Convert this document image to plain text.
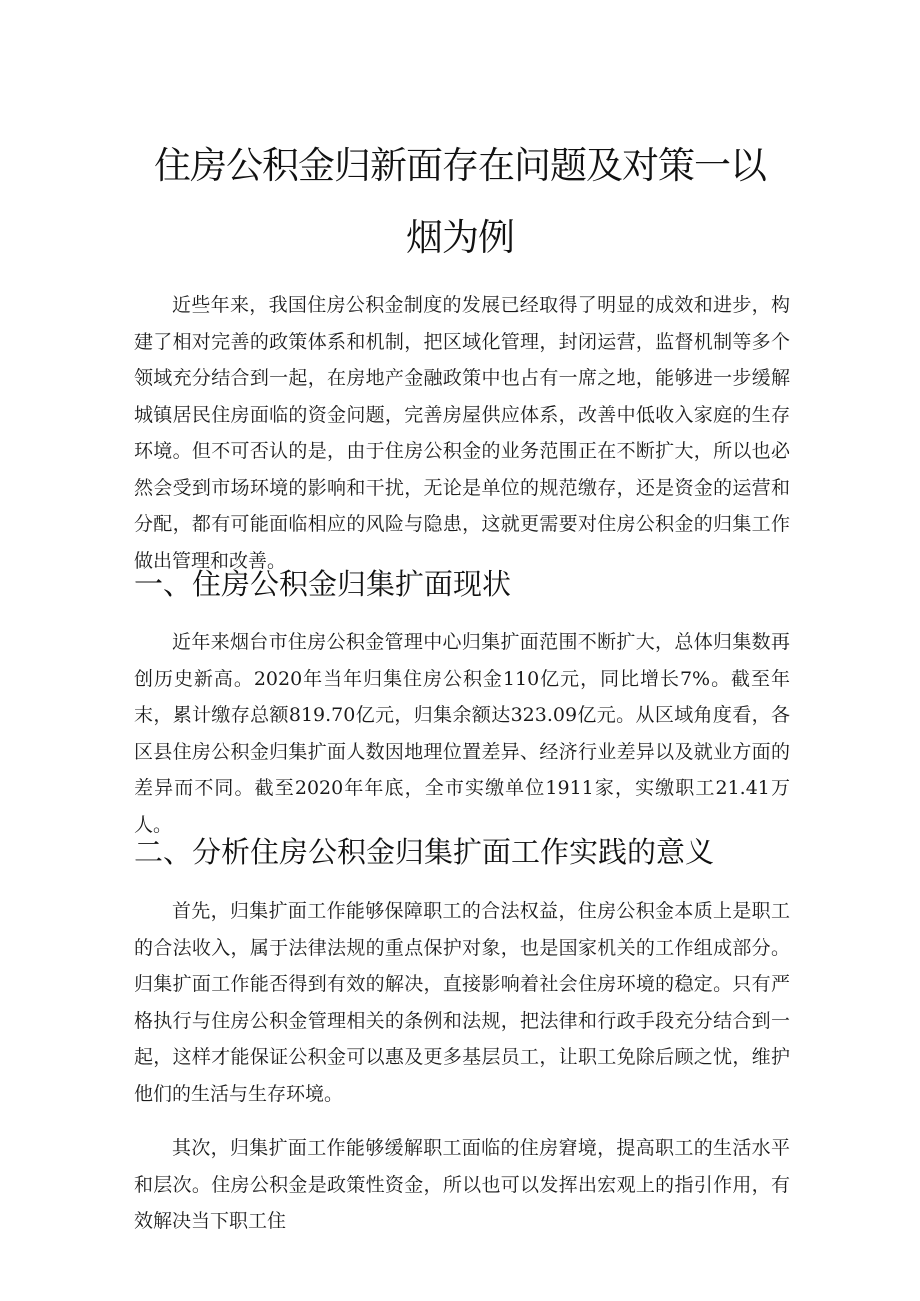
住房公积金归新面存在问题及对策一以
烟为例

近些年来，我国住房公积金制度的发展已经取得了明显的成效和进步，构建了相对完善的政策体系和机制，把区域化管理，封闭运营，监督机制等多个领域充分结合到一起，在房地产金融政策中也占有一席之地，能够进一步缓解城镇居民住房面临的资金问题，完善房屋供应体系，改善中低收入家庭的生存环境。但不可否认的是，由于住房公积金的业务范围正在不断扩大，所以也必然会受到市场环境的影响和干扰，无论是单位的规范缴存，还是资金的运营和分配，都有可能面临相应的风险与隐患，这就更需要对住房公积金的归集工作做出管理和改善。

一、住房公积金归集扩面现状

近年来烟台市住房公积金管理中心归集扩面范围不断扩大，总体归集数再创历史新高。2020年当年归集住房公积金110亿元，同比增长7%。截至年末，累计缴存总额819.70亿元，归集余额达323.09亿元。从区域角度看，各区县住房公积金归集扩面人数因地理位置差异、经济行业差异以及就业方面的差异而不同。截至2020年年底，全市实缴单位1911家，实缴职工21.41万人。

二、分析住房公积金归集扩面工作实践的意义

首先，归集扩面工作能够保障职工的合法权益，住房公积金本质上是职工的合法收入，属于法律法规的重点保护对象，也是国家机关的工作组成部分。归集扩面工作能否得到有效的解决，直接影响着社会住房环境的稳定。只有严格执行与住房公积金管理相关的条例和法规，把法律和行政手段充分结合到一起，这样才能保证公积金可以惠及更多基层员工，让职工免除后顾之忧，维护他们的生活与生存环境。

其次，归集扩面工作能够缓解职工面临的住房窘境，提高职工的生活水平和层次。住房公积金是政策性资金，所以也可以发挥出宏观上的指引作用，有效解决当下职工住
